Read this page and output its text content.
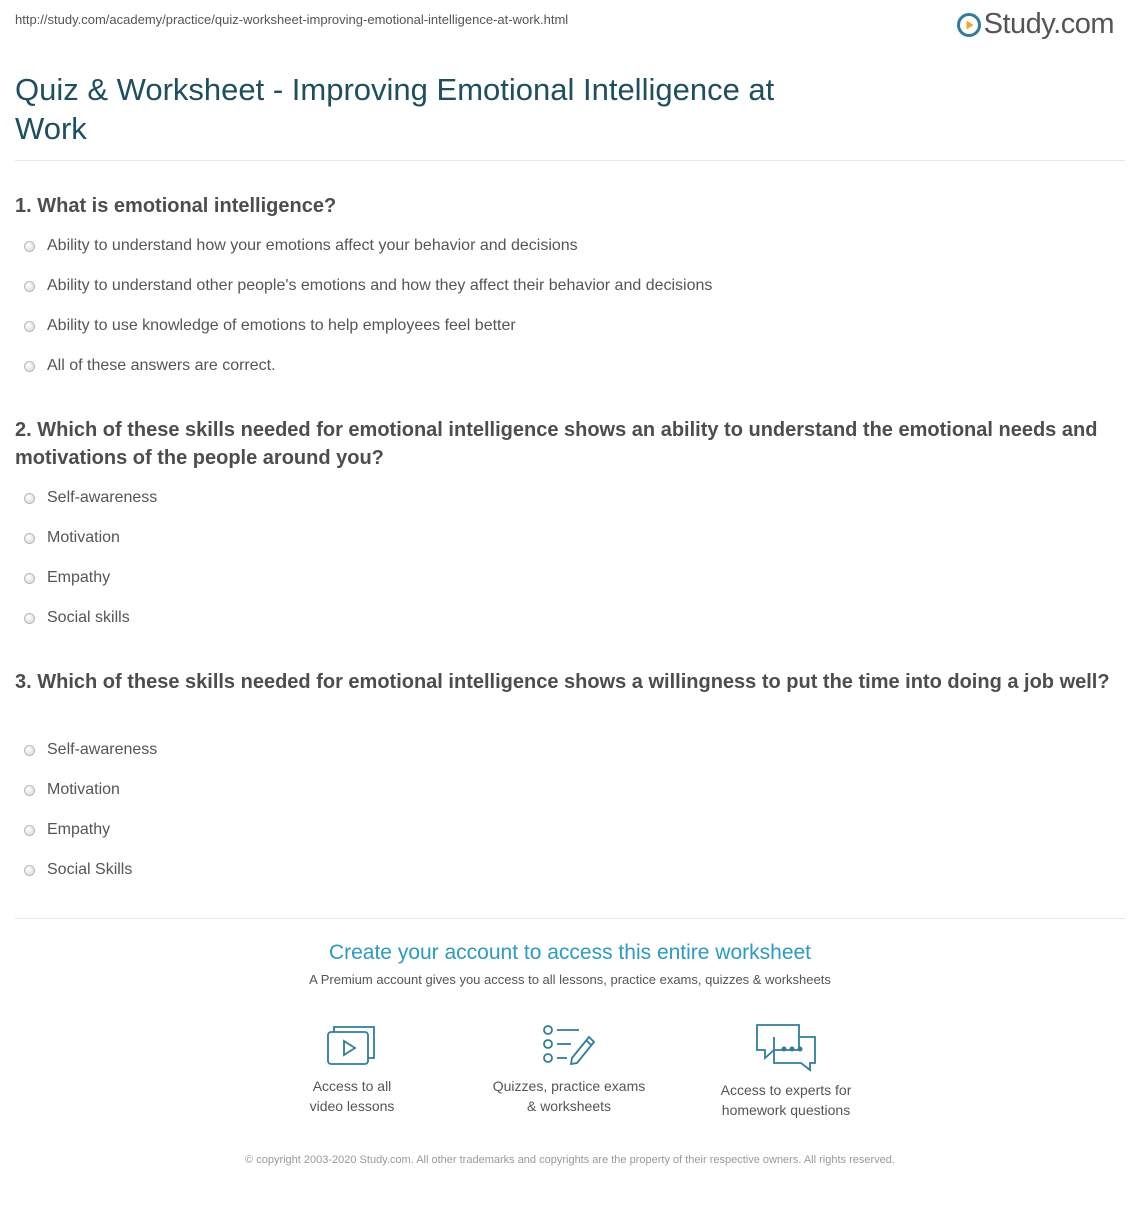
http://study.com/academy/practice/quiz-worksheet-improving-emotional-intelligence-at-work.html	Study.com
Quiz & Worksheet - Improving Emotional Intelligence at Work
1. What is emotional intelligence?
Ability to understand how your emotions affect your behavior and decisions
Ability to understand other people's emotions and how they affect their behavior and decisions
Ability to use knowledge of emotions to help employees feel better
All of these answers are correct.
2. Which of these skills needed for emotional intelligence shows an ability to understand the emotional needs and motivations of the people around you?
Self-awareness
Motivation
Empathy
Social skills
3. Which of these skills needed for emotional intelligence shows a willingness to put the time into doing a job well?
Self-awareness
Motivation
Empathy
Social Skills
Create your account to access this entire worksheet
A Premium account gives you access to all lessons, practice exams, quizzes & worksheets
Access to all
video lessons
Quizzes, practice exams
& worksheets
Access to experts for
homework questions
© copyright 2003-2020 Study.com. All other trademarks and copyrights are the property of their respective owners. All rights reserved.
